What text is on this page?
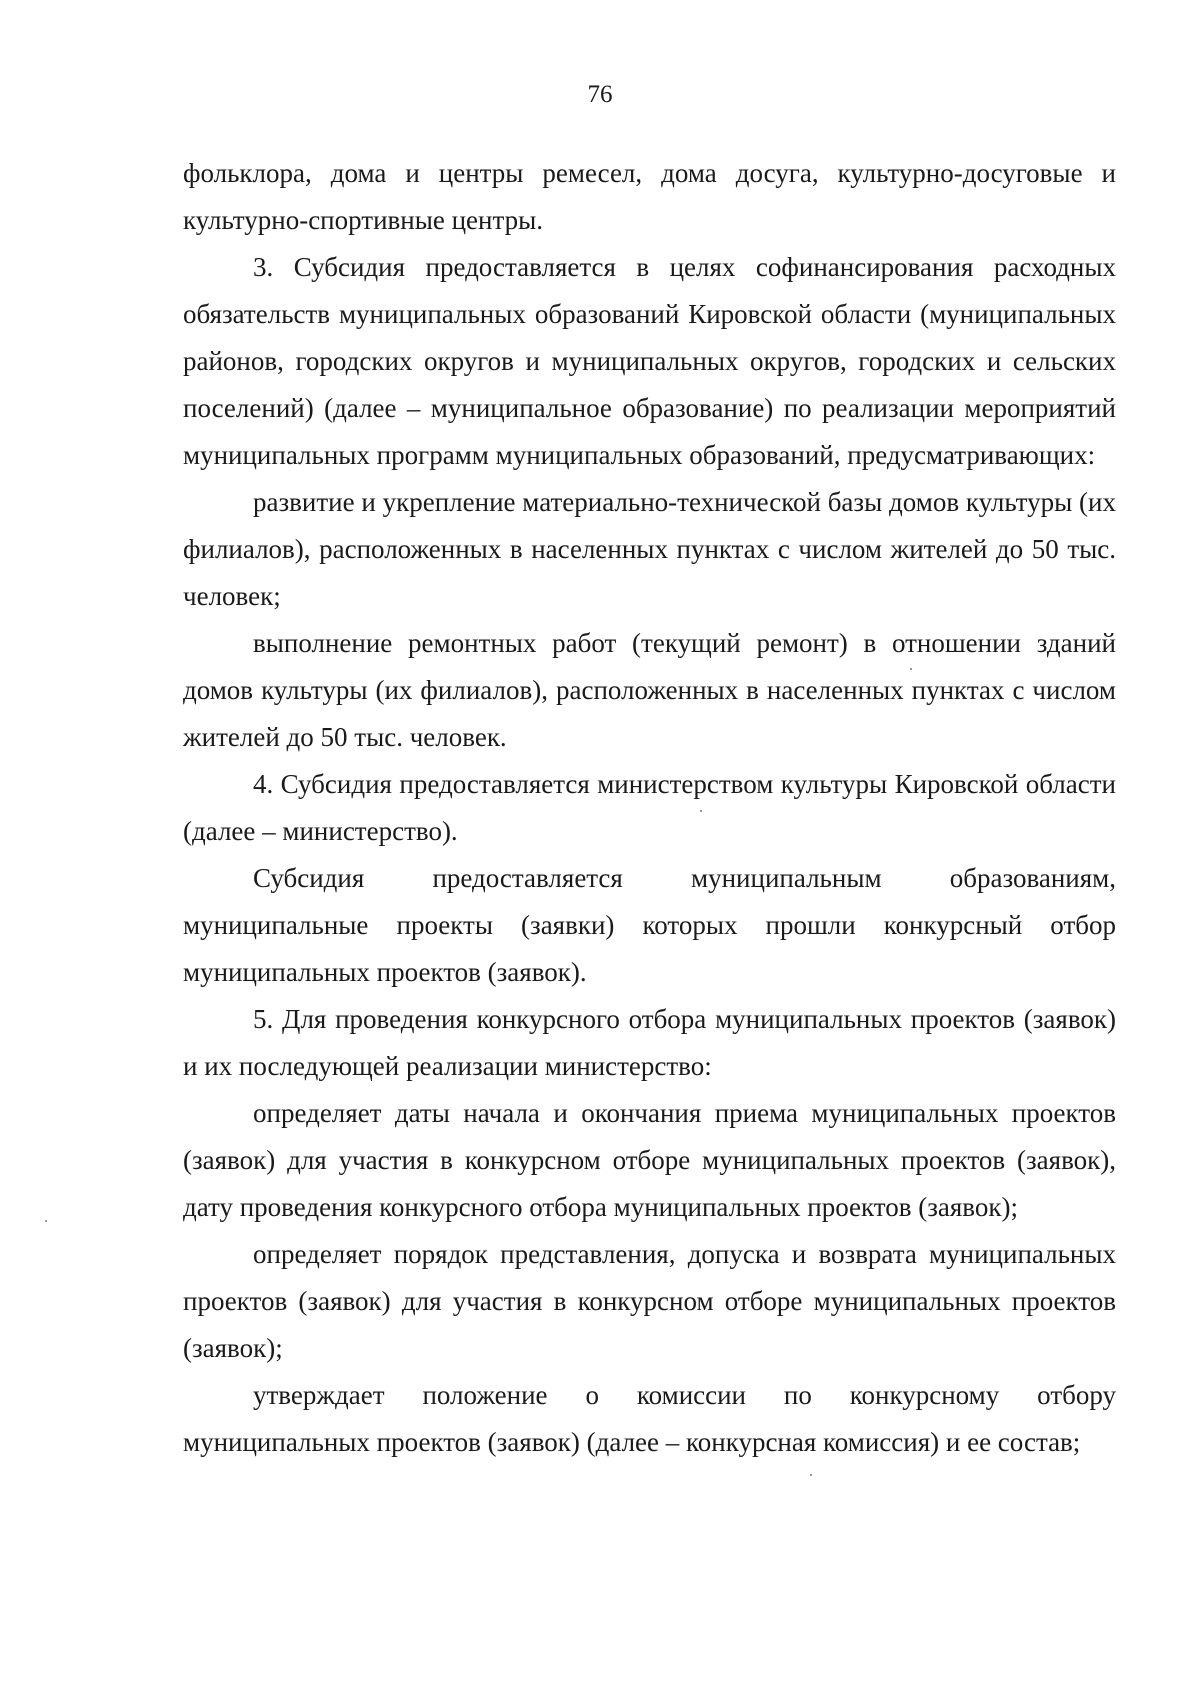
76

фольклора, дома и центры ремесел, дома досуга, культурно-досуговые и культурно-спортивные центры.

3. Субсидия предоставляется в целях софинансирования расходных обязательств муниципальных образований Кировской области (муниципальных районов, городских округов и муниципальных округов, городских и сельских поселений) (далее – муниципальное образование) по реализации мероприятий муниципальных программ муниципальных образований, предусматривающих:

развитие и укрепление материально-технической базы домов культуры (их филиалов), расположенных в населенных пунктах с числом жителей до 50 тыс. человек;

выполнение ремонтных работ (текущий ремонт) в отношении зданий домов культуры (их филиалов), расположенных в населенных пунктах с числом жителей до 50 тыс. человек.

4. Субсидия предоставляется министерством культуры Кировской области (далее – министерство).

Субсидия предоставляется муниципальным образованиям, муниципальные проекты (заявки) которых прошли конкурсный отбор муниципальных проектов (заявок).

5. Для проведения конкурсного отбора муниципальных проектов (заявок) и их последующей реализации министерство:

определяет даты начала и окончания приема муниципальных проектов (заявок) для участия в конкурсном отборе муниципальных проектов (заявок), дату проведения конкурсного отбора муниципальных проектов (заявок);

определяет порядок представления, допуска и возврата муниципальных проектов (заявок) для участия в конкурсном отборе муниципальных проектов (заявок);

утверждает положение о комиссии по конкурсному отбору муниципальных проектов (заявок) (далее – конкурсная комиссия) и ее состав;
